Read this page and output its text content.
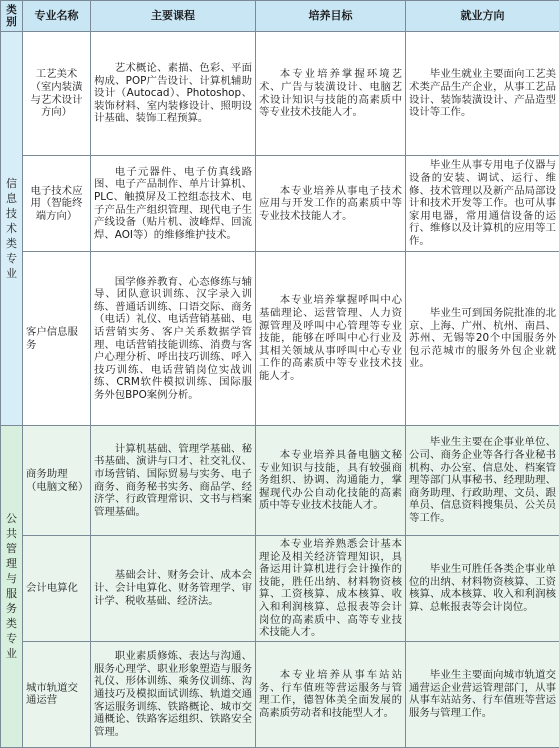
类别	专业名称	主要课程	培养目标	就业方向
信息技术类专业	工艺美术（室内装潢与艺术设计方向）	艺术概论、素描、色彩、平面构成、POP广告设计、计算机辅助设计（Autocad）、Photoshop、装饰材料、室内装修设计、照明设计基础、装饰工程预算。	本专业培养掌握环境艺术、广告与装潢设计、电脑艺术设计知识与技能的高素质中等专业技术技能人才。	毕业生就业主要面向工艺美术类产品生产企业，从事工艺品设计、装饰装潢设计、产品造型设计等工作。
	电子技术应用（智能终端方向）	电子元器件、电子仿真线路图、电子产品制作、单片计算机、PLC、触摸屏及工控组态技术、电子产品生产组织管理、现代电子生产线设备（贴片机、波峰焊、回流焊、AOI等）的维修维护技术。	本专业培养从事电子技术应用与开发工作的高素质中等专业技术技能人才。	毕业生从事专用电子仪器与设备的安装、调试、运行、维修、技术管理以及新产品局部设计和技术开发等工作。也可从事家用电器，常用通信设备的运行、维修以及计算机的应用等工作。
	客户信息服务	国学修养教育、心态修练与辅导、团队意识训练、汉字录入训练、普通话训练、口语交际、商务（电话）礼仪、电话营销基础、电话营销实务、客户关系数据学管理、电话营销技能训练、消费与客户心理分析、呼出技巧训练、呼入技巧训练、电话营销岗位实战训练、CRM软件模拟训练、国际服务外包BPO案例分析。	本专业培养掌握呼叫中心基础理论、运营管理、人力资源管理及呼叫中心管理等专业技能，能够在呼叫中心行业及其相关领域从事呼叫中心专业工作的高素质中等专业技术技能人才。	毕业生可到国务院批准的北京、上海、广州、杭州、南昌、苏州、无锡等20个中国服务外包示范城市的服务外包企业就业。
公共管理与服务类专业	商务助理（电脑文秘）	计算机基础、管理学基础、秘书基础、演讲与口才、社交礼仪、市场营销、国际贸易与实务、电子商务、商务秘书实务、商品学、经济学、行政管理常识、文书与档案管理基础。	本专业培养具备电脑文秘专业知识与技能，具有较强商务组织、协调、沟通能力，掌握现代办公自动化技能的高素质中等专业技术技能人才。	毕业生主要在企事业单位、公司、商务企业等各行各业秘书机构、办公室、信息处、档案管理等部门从事秘书、经理助理、商务助理、行政助理、文员、跟单员、信息资料搜集员、公关员等工作。
	会计电算化	基础会计、财务会计、成本会计、会计电算化、财务管理学、审计学、税收基础、经济法。	本专业培养熟悉会计基本理论及相关经济管理知识，具备运用计算机进行会计操作的技能，胜任出纳、材料物资核算、工资核算、成本核算、收入和利润核算、总报表等会计岗位的高素质中、高等专业技术技能人才。	毕业生可胜任各类企事业单位的出纳、材料物资核算、工资核算、成本核算、收入和利润核算、总帐报表等会计岗位。
	城市轨道交通运营	职业素质修炼、表达与沟通、服务心理学、职业形象塑造与服务礼仪、形体训练、乘务仪训练、沟通技巧及模拟面试训练、轨道交通客运服务训练、铁路概论、城市交通概论、铁路客运组织、铁路安全管理。	本专业培养从事车站站务、行车值班等营运服务与管理工作，德智体美全面发展的高素质劳动者和技能型人才。	毕业生主要面向城市轨道交通营运企业营运管理部门，从事从事车站站务、行车值班等营运服务与管理工作。
